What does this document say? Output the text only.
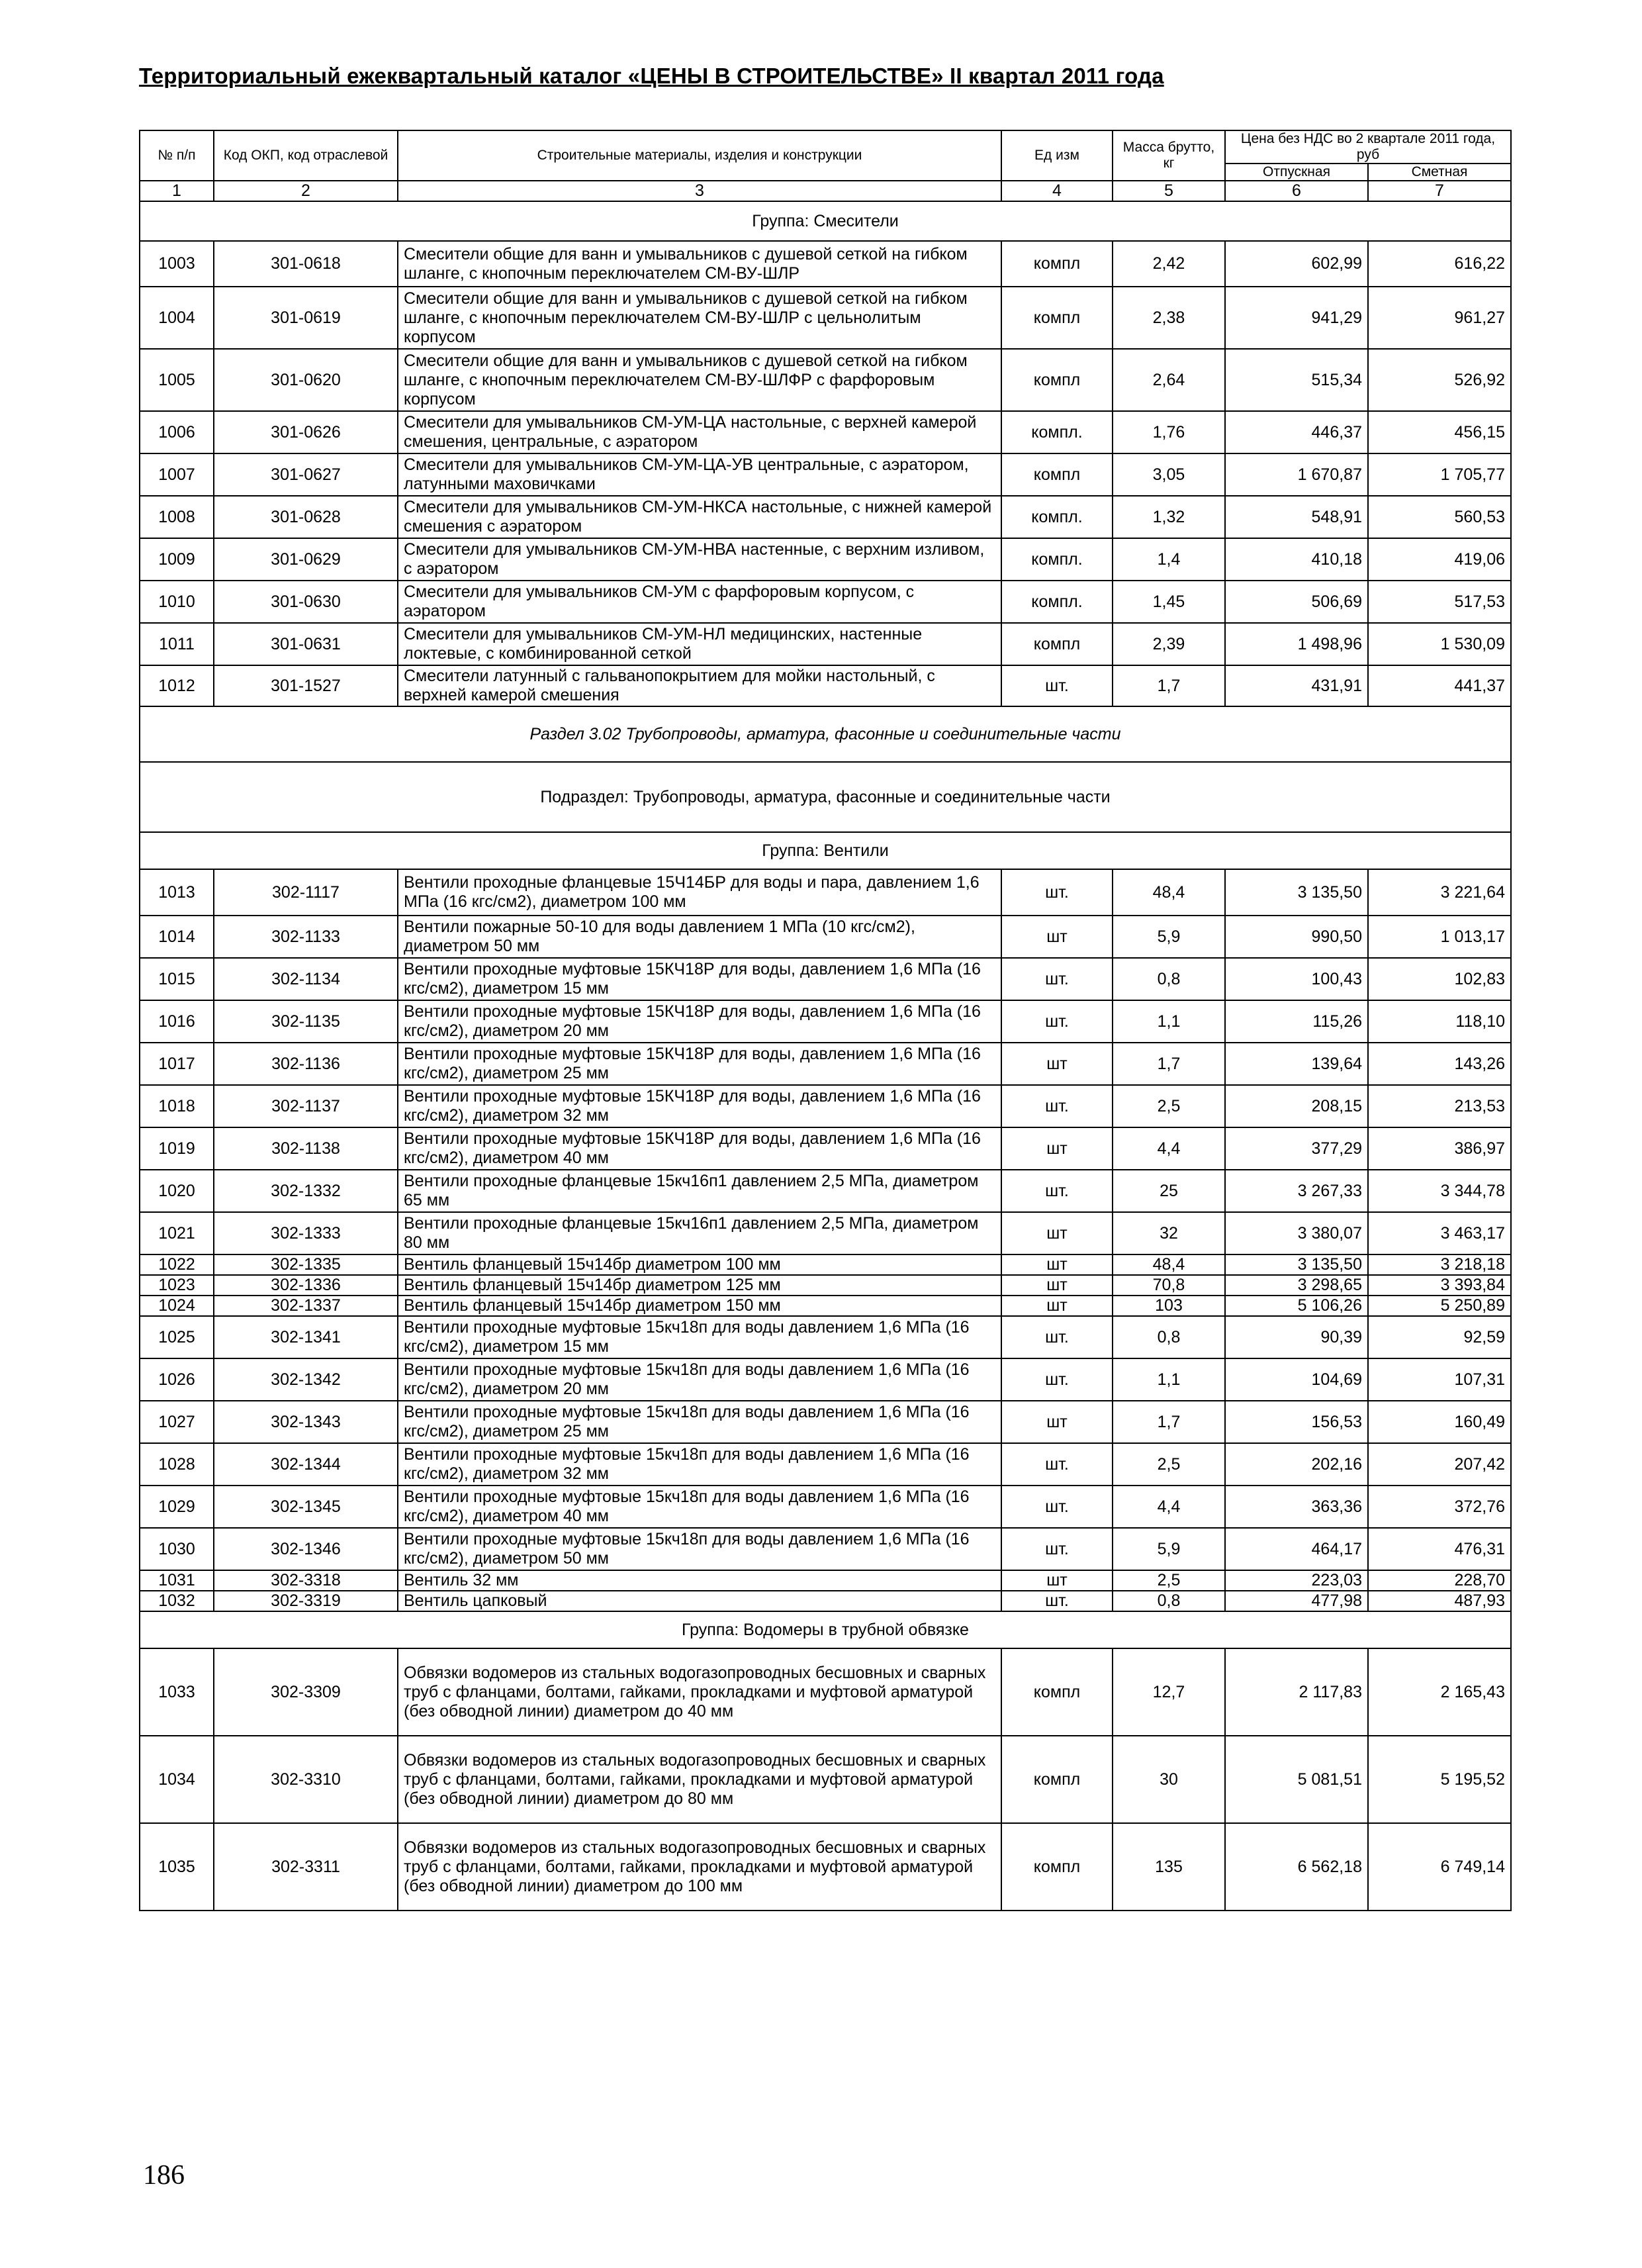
Территориальный ежеквартальный каталог «ЦЕНЫ В СТРОИТЕЛЬСТВЕ» II квартал 2011 года
№ п/п	Код ОКП, код отраслевой	Строительные материалы, изделия и конструкции	Ед изм	Масса брутто, кг	Цена без НДС во 2 квартале 2011 года, руб	
					Отпускная	Сметная
1	2	3	4	5	6	7
Группа: Смесители						
1003	301-0618	Смесители общие для ванн и умывальников с душевой сеткой на гибком шланге, с кнопочным переключателем СМ-ВУ-ШЛР	компл	2,42	602,99	616,22
1004	301-0619	Смесители общие для ванн и умывальников с душевой сеткой на гибком шланге, с кнопочным переключателем СМ-ВУ-ШЛР с цельнолитым корпусом	компл	2,38	941,29	961,27
1005	301-0620	Смесители общие для ванн и умывальников с душевой сеткой на гибком шланге, с кнопочным переключателем СМ-ВУ-ШЛФР с фарфоровым корпусом	компл	2,64	515,34	526,92
1006	301-0626	Смесители для умывальников СМ-УМ-ЦА настольные, с верхней камерой смешения, центральные, с аэратором	компл.	1,76	446,37	456,15
1007	301-0627	Смесители для умывальников СМ-УМ-ЦА-УВ центральные, с аэратором, латунными маховичками	компл	3,05	1 670,87	1 705,77
1008	301-0628	Смесители для умывальников СМ-УМ-НКСА настольные, с нижней камерой смешения с аэратором	компл.	1,32	548,91	560,53
1009	301-0629	Смесители для умывальников СМ-УМ-НВА настенные, с верхним изливом, с аэратором	компл.	1,4	410,18	419,06
1010	301-0630	Смесители для умывальников СМ-УМ с фарфоровым корпусом, с аэратором	компл.	1,45	506,69	517,53
1011	301-0631	Смесители для умывальников СМ-УМ-НЛ медицинских, настенные локтевые, с комбинированной сеткой	компл	2,39	1 498,96	1 530,09
1012	301-1527	Смесители латунный с гальванопокрытием для мойки настольный, с верхней камерой смешения	шт.	1,7	431,91	441,37
Раздел 3.02 Трубопроводы, арматура, фасонные и соединительные части						
Подраздел: Трубопроводы, арматура, фасонные и соединительные части						
Группа: Вентили						
1013	302-1117	Вентили проходные фланцевые 15Ч14БР для воды и пара, давлением 1,6 МПа (16 кгс/см2), диаметром 100 мм	шт.	48,4	3 135,50	3 221,64
1014	302-1133	Вентили пожарные 50-10 для воды давлением 1 МПа (10 кгс/см2), диаметром 50 мм	шт	5,9	990,50	1 013,17
1015	302-1134	Вентили проходные муфтовые 15КЧ18Р для воды, давлением 1,6 МПа (16 кгс/см2), диаметром 15 мм	шт.	0,8	100,43	102,83
1016	302-1135	Вентили проходные муфтовые 15КЧ18Р для воды, давлением 1,6 МПа (16 кгс/см2), диаметром 20 мм	шт.	1,1	115,26	118,10
1017	302-1136	Вентили проходные муфтовые 15КЧ18Р для воды, давлением 1,6 МПа (16 кгс/см2), диаметром 25 мм	шт	1,7	139,64	143,26
1018	302-1137	Вентили проходные муфтовые 15КЧ18Р для воды, давлением 1,6 МПа (16 кгс/см2), диаметром 32 мм	шт.	2,5	208,15	213,53
1019	302-1138	Вентили проходные муфтовые 15КЧ18Р для воды, давлением 1,6 МПа (16 кгс/см2), диаметром 40 мм	шт	4,4	377,29	386,97
1020	302-1332	Вентили проходные фланцевые 15кч16п1 давлением 2,5 МПа, диаметром 65 мм	шт.	25	3 267,33	3 344,78
1021	302-1333	Вентили проходные фланцевые 15кч16п1 давлением 2,5 МПа, диаметром 80 мм	шт	32	3 380,07	3 463,17
1022	302-1335	Вентиль фланцевый 15ч14бр диаметром 100 мм	шт	48,4	3 135,50	3 218,18
1023	302-1336	Вентиль фланцевый 15ч14бр диаметром 125 мм	шт	70,8	3 298,65	3 393,84
1024	302-1337	Вентиль фланцевый 15ч14бр диаметром 150 мм	шт	103	5 106,26	5 250,89
1025	302-1341	Вентили проходные муфтовые 15кч18п для воды давлением 1,6 МПа (16 кгс/см2), диаметром 15 мм	шт.	0,8	90,39	92,59
1026	302-1342	Вентили проходные муфтовые 15кч18п для воды давлением 1,6 МПа (16 кгс/см2), диаметром 20 мм	шт.	1,1	104,69	107,31
1027	302-1343	Вентили проходные муфтовые 15кч18п для воды давлением 1,6 МПа (16 кгс/см2), диаметром 25 мм	шт	1,7	156,53	160,49
1028	302-1344	Вентили проходные муфтовые 15кч18п для воды давлением 1,6 МПа (16 кгс/см2), диаметром 32 мм	шт.	2,5	202,16	207,42
1029	302-1345	Вентили проходные муфтовые 15кч18п для воды давлением 1,6 МПа (16 кгс/см2), диаметром 40 мм	шт.	4,4	363,36	372,76
1030	302-1346	Вентили проходные муфтовые 15кч18п для воды давлением 1,6 МПа (16 кгс/см2), диаметром 50 мм	шт.	5,9	464,17	476,31
1031	302-3318	Вентиль 32 мм	шт	2,5	223,03	228,70
1032	302-3319	Вентиль цапковый	шт.	0,8	477,98	487,93
Группа: Водомеры в трубной обвязке						
1033	302-3309	Обвязки водомеров из стальных водогазопроводных бесшовных и сварных труб с фланцами, болтами, гайками, прокладками и муфтовой арматурой (без обводной линии) диаметром до 40 мм	компл	12,7	2 117,83	2 165,43
1034	302-3310	Обвязки водомеров из стальных водогазопроводных бесшовных и сварных труб с фланцами, болтами, гайками, прокладками и муфтовой арматурой (без обводной линии) диаметром до 80 мм	компл	30	5 081,51	5 195,52
1035	302-3311	Обвязки водомеров из стальных водогазопроводных бесшовных и сварных труб с фланцами, болтами, гайками, прокладками и муфтовой арматурой (без обводной линии) диаметром до 100 мм	компл	135	6 562,18	6 749,14
186
